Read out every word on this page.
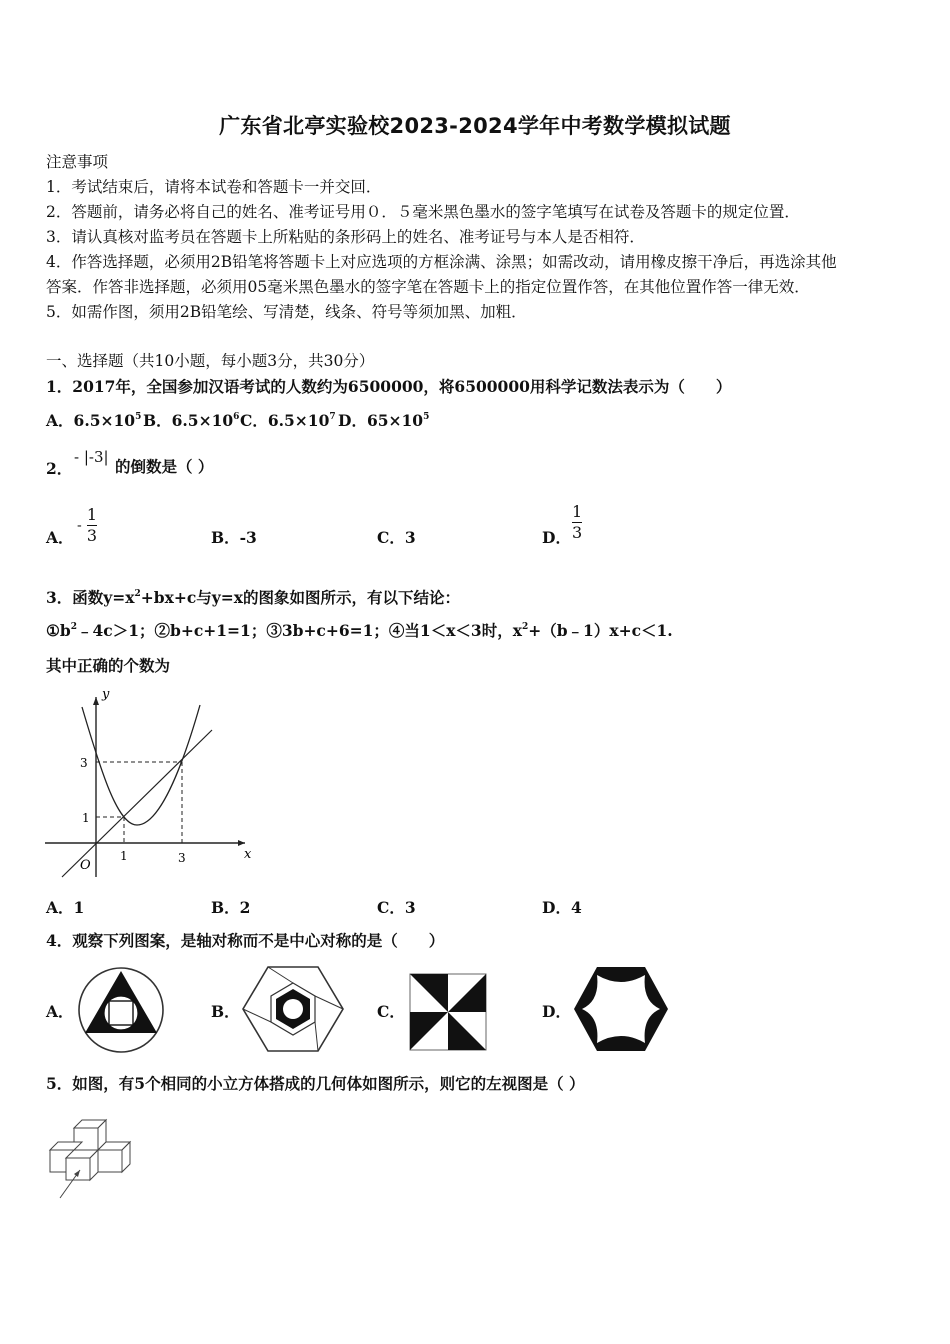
广东省北亭实验校2023-2024学年中考数学模拟试题
注意事项
1．考试结束后，请将本试卷和答题卡一并交回．
2．答题前，请务必将自己的姓名、准考证号用０．５毫米黑色墨水的签字笔填写在试卷及答题卡的规定位置．
3．请认真核对监考员在答题卡上所粘贴的条形码上的姓名、准考证号与本人是否相符．
4．作答选择题，必须用2B铅笔将答题卡上对应选项的方框涂满、涂黑；如需改动，请用橡皮擦干净后，再选涂其他
答案．作答非选择题，必须用05毫米黑色墨水的签字笔在答题卡上的指定位置作答，在其他位置作答一律无效．
5．如需作图，须用2B铅笔绘、写清楚，线条、符号等须加黑、加粗．
一、选择题（共10小题，每小题3分，共30分）
1．2017年，全国参加汉语考试的人数约为6500000，将6500000用科学记数法表示为（　　）
A．$6.5\times 10^5$ B．$6.5\times 10^6$ C．$6.5\times 10^7$ D．$65\times 10^5$
2．
- |-3| 的倒数是（ ）
A．
- $\frac{1}{3}$	B．-3	C．3	D． $\frac{1}{3}$
3．函数$y=x^2+bx+c$与y=x的图象如图所示，有以下结论：
$①b^2﹣4c>1$；②b+c+1=1；③3b+c+6=1；④当1＜x＜3时，$x^2+(b﹣1)x+c<1$.
其中正确的个数为
y
x
O
1	3
1
3
A．1	B．2	C．3	D．4
4．观察下列图案，是轴对称而不是中心对称的是（　　）
A．	B．	C．	D．
5．如图，有5个相同的小立方体搭成的几何体如图所示，则它的左视图是（ ）
